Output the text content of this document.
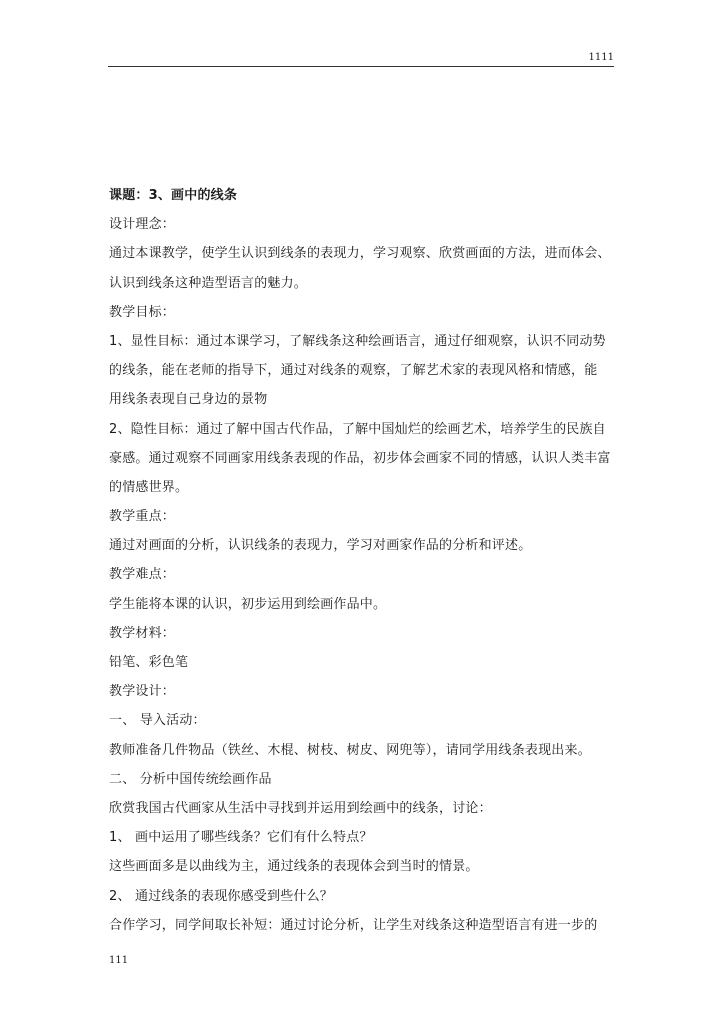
1111
课题：3、画中的线条
设计理念：
通过本课教学，使学生认识到线条的表现力，学习观察、欣赏画面的方法，进而体会、
认识到线条这种造型语言的魅力。
教学目标：
1、显性目标：通过本课学习，了解线条这种绘画语言，通过仔细观察，认识不同动势
的线条，能在老师的指导下，通过对线条的观察，了解艺术家的表现风格和情感，能
用线条表现自己身边的景物
2、隐性目标：通过了解中国古代作品，了解中国灿烂的绘画艺术，培养学生的民族自
豪感。通过观察不同画家用线条表现的作品，初步体会画家不同的情感，认识人类丰富
的情感世界。
教学重点：
通过对画面的分析，认识线条的表现力，学习对画家作品的分析和评述。
教学难点：
学生能将本课的认识，初步运用到绘画作品中。
教学材料：
铅笔、彩色笔
教学设计：
一、 导入活动：
教师准备几件物品（铁丝、木棍、树枝、树皮、网兜等），请同学用线条表现出来。
二、 分析中国传统绘画作品
欣赏我国古代画家从生活中寻找到并运用到绘画中的线条，讨论：
1、 画中运用了哪些线条？它们有什么特点？
这些画面多是以曲线为主，通过线条的表现体会到当时的情景。
2、 通过线条的表现你感受到些什么？
合作学习，同学间取长补短：通过讨论分析，让学生对线条这种造型语言有进一步的
111
